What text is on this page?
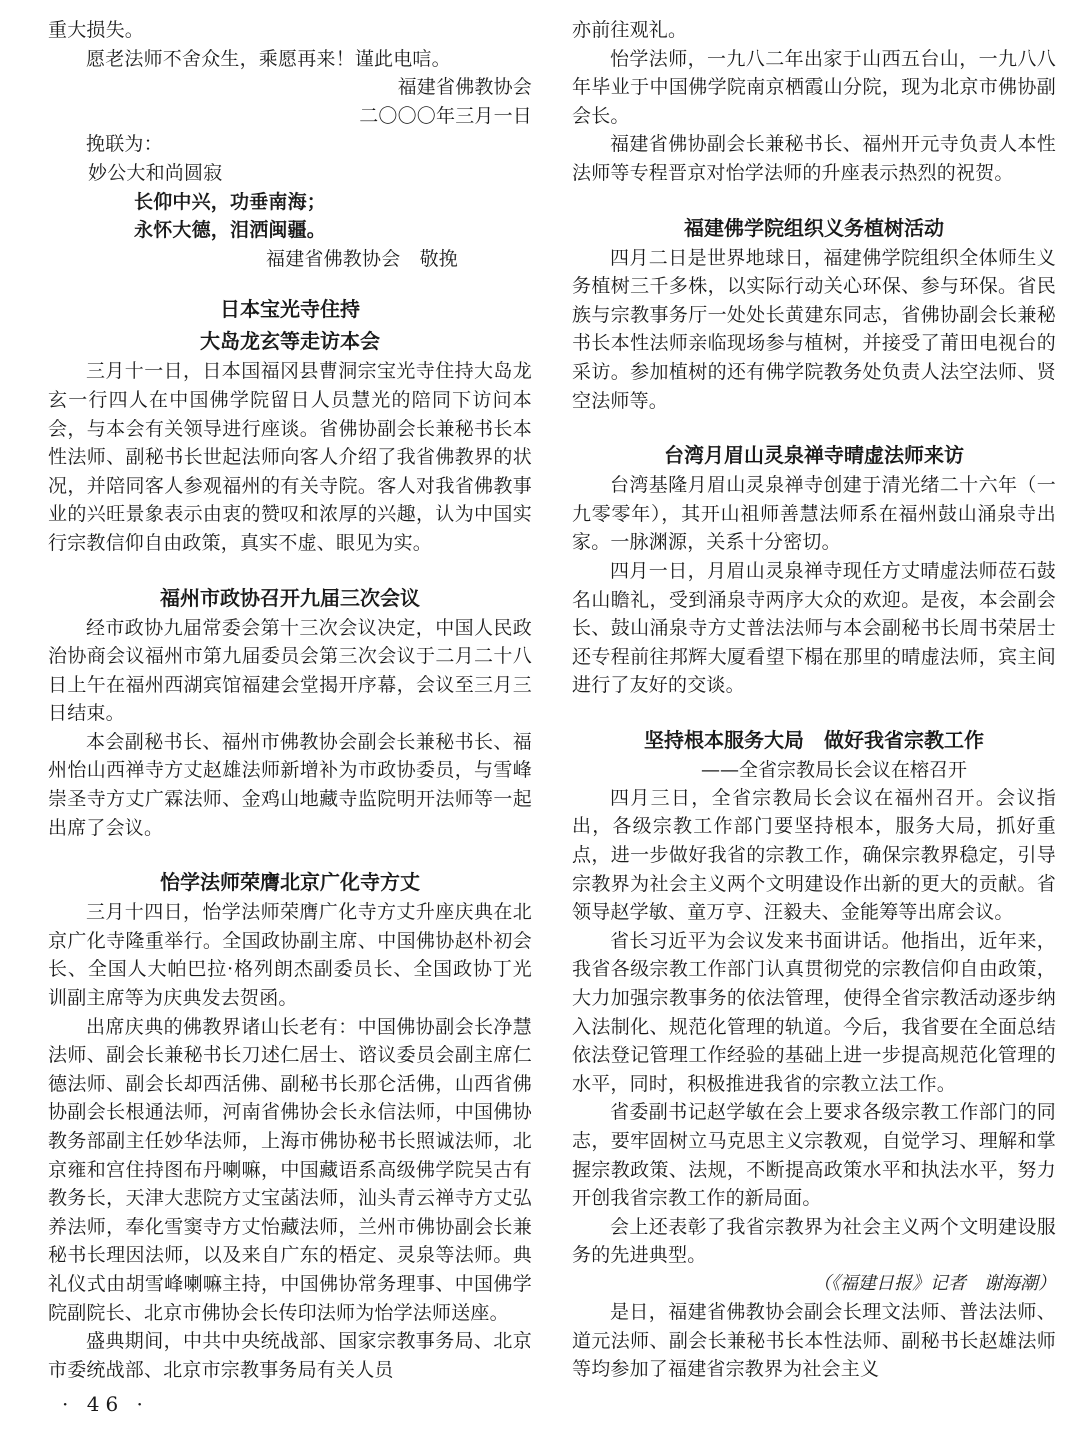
重大损失。

愿老法师不舍众生，乘愿再来！谨此电唁。

福建省佛教协会

二〇〇〇年三月一日

挽联为：

妙公大和尚圆寂

长仰中兴，功垂南海；

永怀大德，泪洒闽疆。

福建省佛教协会　敬挽

日本宝光寺住持

大岛龙玄等走访本会

三月十一日，日本国福冈县曹洞宗宝光寺住持大岛龙玄一行四人在中国佛学院留日人员慧光的陪同下访问本会，与本会有关领导进行座谈。省佛协副会长兼秘书长本性法师、副秘书长世起法师向客人介绍了我省佛教界的状况，并陪同客人参观福州的有关寺院。客人对我省佛教事业的兴旺景象表示由衷的赞叹和浓厚的兴趣，认为中国实行宗教信仰自由政策，真实不虚、眼见为实。

福州市政协召开九届三次会议

经市政协九届常委会第十三次会议决定，中国人民政治协商会议福州市第九届委员会第三次会议于二月二十八日上午在福州西湖宾馆福建会堂揭开序幕，会议至三月三日结束。

本会副秘书长、福州市佛教协会副会长兼秘书长、福州怡山西禅寺方丈赵雄法师新增补为市政协委员，与雪峰崇圣寺方丈广霖法师、金鸡山地藏寺监院明开法师等一起出席了会议。

怡学法师荣膺北京广化寺方丈

三月十四日，怡学法师荣膺广化寺方丈升座庆典在北京广化寺隆重举行。全国政协副主席、中国佛协赵朴初会长、全国人大帕巴拉·格列朗杰副委员长、全国政协丁光训副主席等为庆典发去贺函。

出席庆典的佛教界诸山长老有：中国佛协副会长净慧法师、副会长兼秘书长刀述仁居士、谘议委员会副主席仁德法师、副会长却西活佛、副秘书长那仑活佛，山西省佛协副会长根通法师，河南省佛协会长永信法师，中国佛协教务部副主任妙华法师，上海市佛协秘书长照诚法师，北京雍和宫住持图布丹喇嘛，中国藏语系高级佛学院吴古有教务长，天津大悲院方丈宝菡法师，汕头青云禅寺方丈弘养法师，奉化雪窦寺方丈怡藏法师，兰州市佛协副会长兼秘书长理因法师，以及来自广东的梧定、灵泉等法师。典礼仪式由胡雪峰喇嘛主持，中国佛协常务理事、中国佛学院副院长、北京市佛协会长传印法师为怡学法师送座。

盛典期间，中共中央统战部、国家宗教事务局、北京市委统战部、北京市宗教事务局有关人员

亦前往观礼。

怡学法师，一九八二年出家于山西五台山，一九八八年毕业于中国佛学院南京栖霞山分院，现为北京市佛协副会长。

福建省佛协副会长兼秘书长、福州开元寺负责人本性法师等专程晋京对怡学法师的升座表示热烈的祝贺。

福建佛学院组织义务植树活动

四月二日是世界地球日，福建佛学院组织全体师生义务植树三千多株，以实际行动关心环保、参与环保。省民族与宗教事务厅一处处长黄建东同志，省佛协副会长兼秘书长本性法师亲临现场参与植树，并接受了莆田电视台的采访。参加植树的还有佛学院教务处负责人法空法师、贤空法师等。

台湾月眉山灵泉禅寺晴虚法师来访

台湾基隆月眉山灵泉禅寺创建于清光绪二十六年（一九零零年），其开山祖师善慧法师系在福州鼓山涌泉寺出家。一脉渊源，关系十分密切。

四月一日，月眉山灵泉禅寺现任方丈晴虚法师莅石鼓名山瞻礼，受到涌泉寺两序大众的欢迎。是夜，本会副会长、鼓山涌泉寺方丈普法法师与本会副秘书长周书荣居士还专程前往邦辉大厦看望下榻在那里的晴虚法师，宾主间进行了友好的交谈。

坚持根本服务大局　做好我省宗教工作

——全省宗教局长会议在榕召开

四月三日，全省宗教局长会议在福州召开。会议指出，各级宗教工作部门要坚持根本，服务大局，抓好重点，进一步做好我省的宗教工作，确保宗教界稳定，引导宗教界为社会主义两个文明建设作出新的更大的贡献。省领导赵学敏、童万亨、汪毅夫、金能筹等出席会议。

省长习近平为会议发来书面讲话。他指出，近年来，我省各级宗教工作部门认真贯彻党的宗教信仰自由政策，大力加强宗教事务的依法管理，使得全省宗教活动逐步纳入法制化、规范化管理的轨道。今后，我省要在全面总结依法登记管理工作经验的基础上进一步提高规范化管理的水平，同时，积极推进我省的宗教立法工作。

省委副书记赵学敏在会上要求各级宗教工作部门的同志，要牢固树立马克思主义宗教观，自觉学习、理解和掌握宗教政策、法规，不断提高政策水平和执法水平，努力开创我省宗教工作的新局面。

会上还表彰了我省宗教界为社会主义两个文明建设服务的先进典型。

（《福建日报》记者　谢海潮）

是日，福建省佛教协会副会长理文法师、普法法师、道元法师、副会长兼秘书长本性法师、副秘书长赵雄法师等均参加了福建省宗教界为社会主义

· 46 ·
